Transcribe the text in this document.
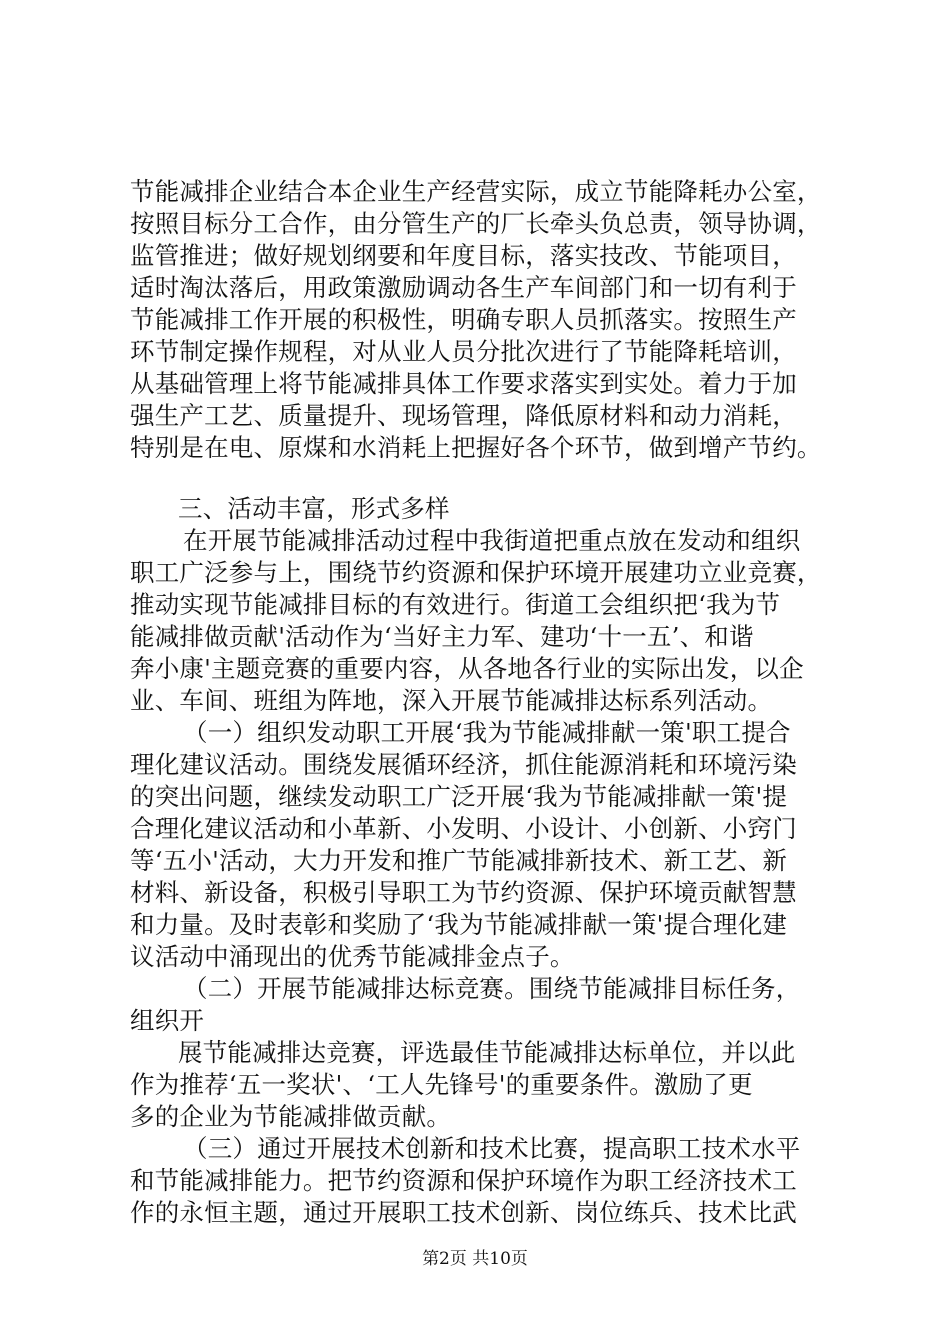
节能减排企业结合本企业生产经营实际，成立节能降耗办公室，
按照目标分工合作，由分管生产的厂长牵头负总责，领导协调，
监管推进；做好规划纲要和年度目标，落实技改、节能项目，
适时淘汰落后，用政策激励调动各生产车间部门和一切有利于
节能减排工作开展的积极性，明确专职人员抓落实。按照生产
环节制定操作规程，对从业人员分批次进行了节能降耗培训，
从基础管理上将节能减排具体工作要求落实到实处。着力于加
强生产工艺、质量提升、现场管理，降低原材料和动力消耗，
特别是在电、原煤和水消耗上把握好各个环节，做到增产节约。
三、活动丰富，形式多样
在开展节能减排活动过程中我街道把重点放在发动和组织
职工广泛参与上，围绕节约资源和保护环境开展建功立业竞赛，
推动实现节能减排目标的有效进行。街道工会组织把‘我为节
能减排做贡献'活动作为‘当好主力军、建功‘十一五’、和谐
奔小康'主题竞赛的重要内容，从各地各行业的实际出发，以企
业、车间、班组为阵地，深入开展节能减排达标系列活动。
（一）组织发动职工开展‘我为节能减排献一策'职工提合
理化建议活动。围绕发展循环经济，抓住能源消耗和环境污染
的突出问题，继续发动职工广泛开展‘我为节能减排献一策'提
合理化建议活动和小革新、小发明、小设计、小创新、小窍门
等‘五小'活动，大力开发和推广节能减排新技术、新工艺、新
材料、新设备，积极引导职工为节约资源、保护环境贡献智慧
和力量。及时表彰和奖励了‘我为节能减排献一策'提合理化建
议活动中涌现出的优秀节能减排金点子。
（二）开展节能减排达标竞赛。围绕节能减排目标任务，
组织开
展节能减排达竞赛，评选最佳节能减排达标单位，并以此
作为推荐‘五一奖状'、‘工人先锋号'的重要条件。激励了更
多的企业为节能减排做贡献。
（三）通过开展技术创新和技术比赛，提高职工技术水平
和节能减排能力。把节约资源和保护环境作为职工经济技术工
作的永恒主题，通过开展职工技术创新、岗位练兵、技术比武
第2页 共10页
